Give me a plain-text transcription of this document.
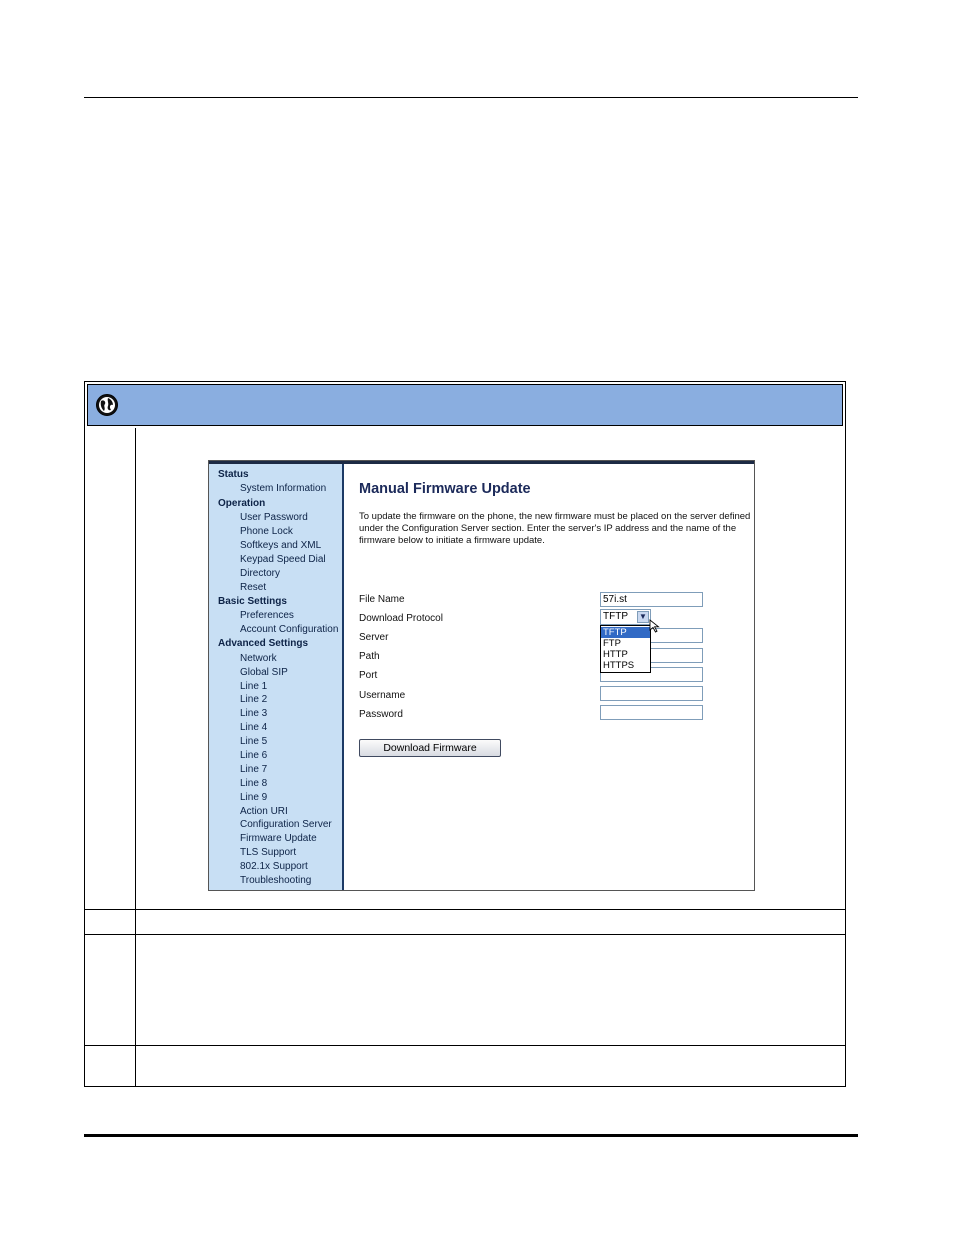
Status
System Information
Operation
User Password
Phone Lock
Softkeys and XML
Keypad Speed Dial
Directory
Reset
Basic Settings
Preferences
Account Configuration
Advanced Settings
Network
Global SIP
Line 1
Line 2
Line 3
Line 4
Line 5
Line 6
Line 7
Line 8
Line 9
Action URI
Configuration Server
Firmware Update
TLS Support
802.1x Support
Troubleshooting
Manual Firmware Update
To update the firmware on the phone, the new firmware must be placed on the server defined under the Configuration Server section. Enter the server's IP address and the name of the firmware below to initiate a firmware update.
File Name	57i.st
Download Protocol
Server
Path
Port
Username
Password
TFTP ▼
TFTP
FTP
HTTP
HTTPS
Download Firmware
